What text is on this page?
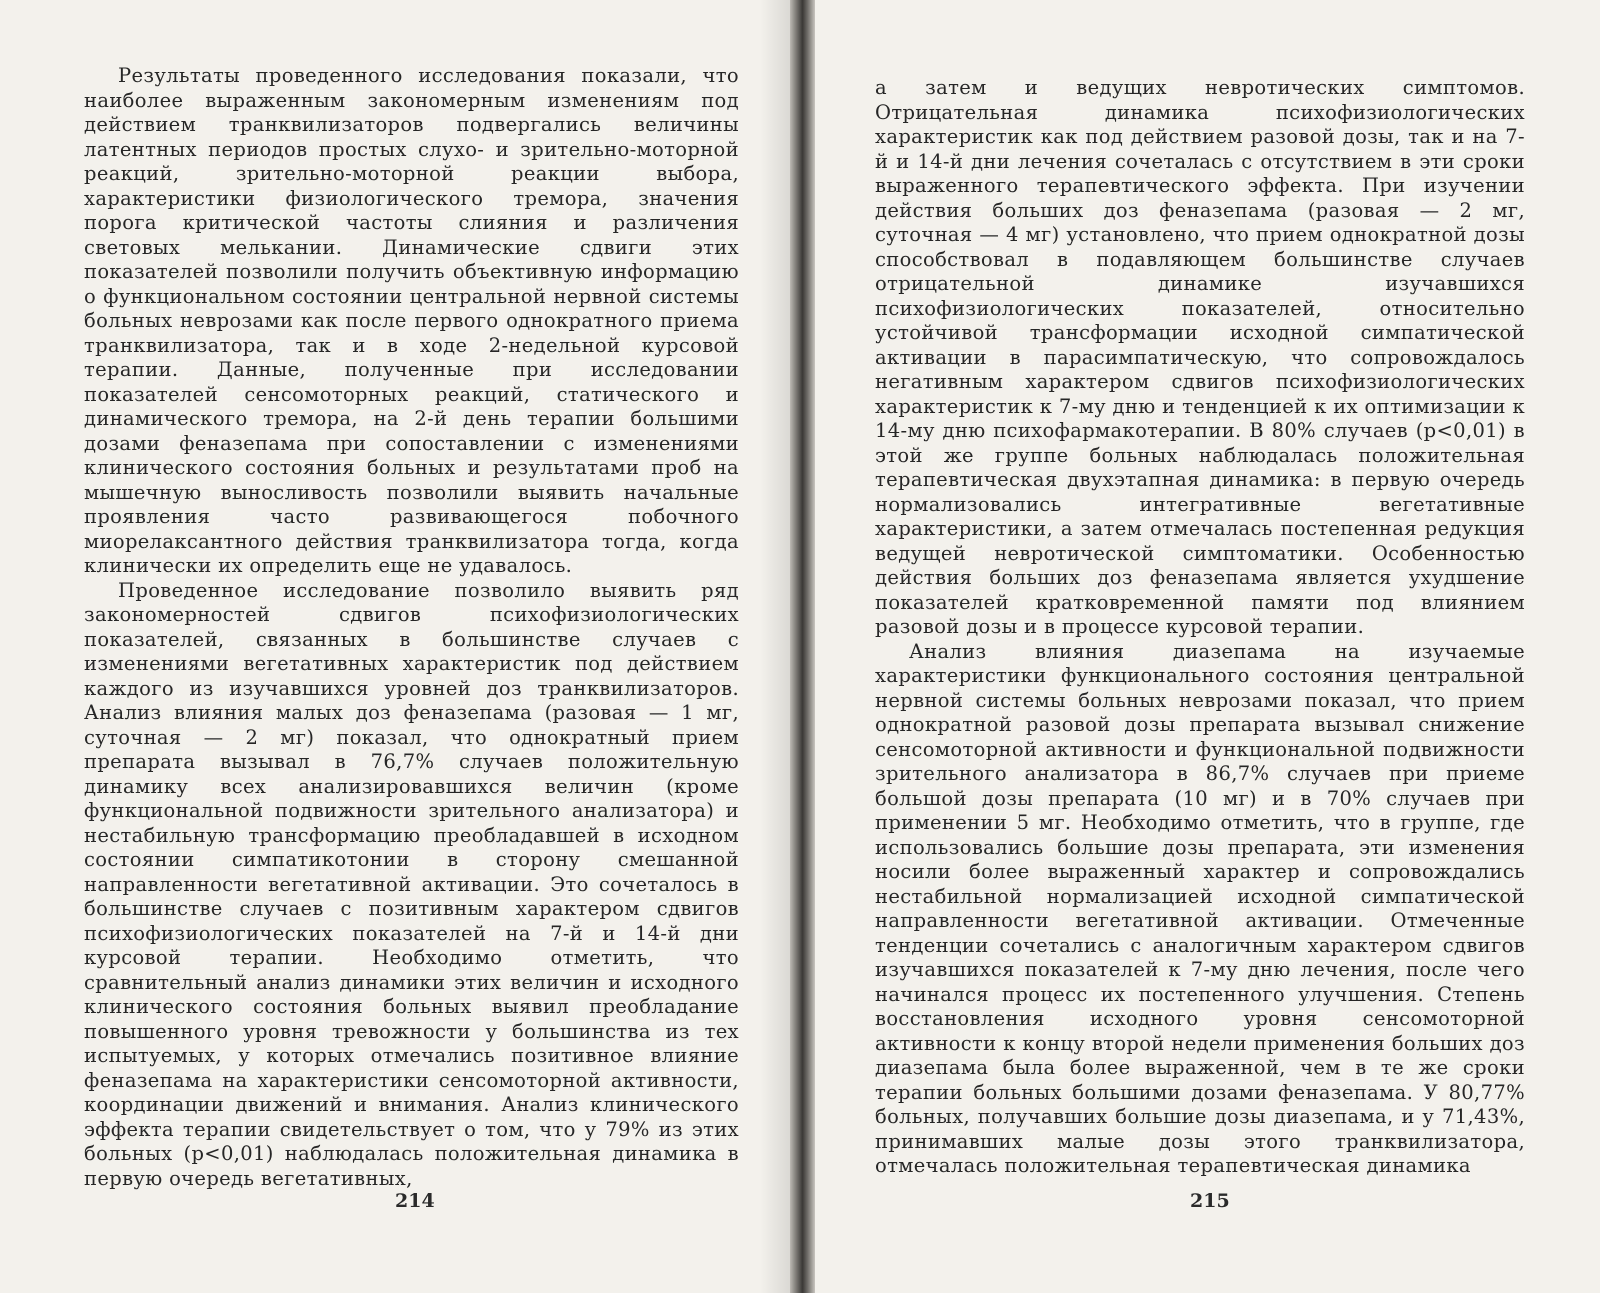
Результаты проведенного исследования показали, что наиболее выраженным закономерным изменениям под действием транквилизаторов подвергались величины латентных периодов простых слухо- и зрительно-моторной реакций, зрительно-моторной реакции выбора, характеристики физиологического тремора, значения порога критической частоты слияния и различения световых мелькании. Динамические сдвиги этих показателей позволили получить объективную информацию о функциональном состоянии центральной нервной системы больных неврозами как после первого однократного приема транквилизатора, так и в ходе 2-недельной курсовой терапии. Данные, полученные при исследовании показателей сенсомоторных реакций, статического и динамического тремора, на 2-й день терапии большими дозами феназепама при сопоставлении с изменениями клинического состояния больных и результатами проб на мышечную выносливость позволили выявить начальные проявления часто развивающегося побочного миорелаксантного действия транквилизатора тогда, когда клинически их определить еще не удавалось.

Проведенное исследование позволило выявить ряд закономерностей сдвигов психофизиологических показателей, связанных в большинстве случаев с изменениями вегетативных характеристик под действием каждого из изучавшихся уровней доз транквилизаторов. Анализ влияния малых доз феназепама (разовая — 1 мг, суточная — 2 мг) показал, что однократный прием препарата вызывал в 76,7% случаев положительную динамику всех анализировавшихся величин (кроме функциональной подвижности зрительного анализатора) и нестабильную трансформацию преобладавшей в исходном состоянии симпатикотонии в сторону смешанной направленности вегетативной активации. Это сочеталось в большинстве случаев с позитивным характером сдвигов психофизиологических показателей на 7-й и 14-й дни курсовой терапии. Необходимо отметить, что сравнительный анализ динамики этих величин и исходного клинического состояния больных выявил преобладание повышенного уровня тревожности у большинства из тех испытуемых, у которых отмечались позитивное влияние феназепама на характеристики сенсомоторной активности, координации движений и внимания. Анализ клинического эффекта терапии свидетельствует о том, что у 79% из этих больных (p<0,01) наблюдалась положительная динамика в первую очередь вегетативных,

214

а затем и ведущих невротических симптомов. Отрицательная динамика психофизиологических характеристик как под действием разовой дозы, так и на 7-й и 14-й дни лечения сочеталась с отсутствием в эти сроки выраженного терапевтического эффекта. При изучении действия больших доз феназепама (разовая — 2 мг, суточная — 4 мг) установлено, что прием однократной дозы способствовал в подавляющем большинстве случаев отрицательной динамике изучавшихся психофизиологических показателей, относительно устойчивой трансформации исходной симпатической активации в парасимпатическую, что сопровождалось негативным характером сдвигов психофизиологических характеристик к 7-му дню и тенденцией к их оптимизации к 14-му дню психофармакотерапии. В 80% случаев (p<0,01) в этой же группе больных наблюдалась положительная терапевтическая двухэтапная динамика: в первую очередь нормализовались интегративные вегетативные характеристики, а затем отмечалась постепенная редукция ведущей невротической симптоматики. Особенностью действия больших доз феназепама является ухудшение показателей кратковременной памяти под влиянием разовой дозы и в процессе курсовой терапии.

Анализ влияния диазепама на изучаемые характеристики функционального состояния центральной нервной системы больных неврозами показал, что прием однократной разовой дозы препарата вызывал снижение сенсомоторной активности и функциональной подвижности зрительного анализатора в 86,7% случаев при приеме большой дозы препарата (10 мг) и в 70% случаев при применении 5 мг. Необходимо отметить, что в группе, где использовались большие дозы препарата, эти изменения носили более выраженный характер и сопровождались нестабильной нормализацией исходной симпатической направленности вегетативной активации. Отмеченные тенденции сочетались с аналогичным характером сдвигов изучавшихся показателей к 7-му дню лечения, после чего начинался процесс их постепенного улучшения. Степень восстановления исходного уровня сенсомоторной активности к концу второй недели применения больших доз диазепама была более выраженной, чем в те же сроки терапии больных большими дозами феназепама. У 80,77% больных, получавших большие дозы диазепама, и у 71,43%, принимавших малые дозы этого транквилизатора, отмечалась положительная терапевтическая динамика

215
